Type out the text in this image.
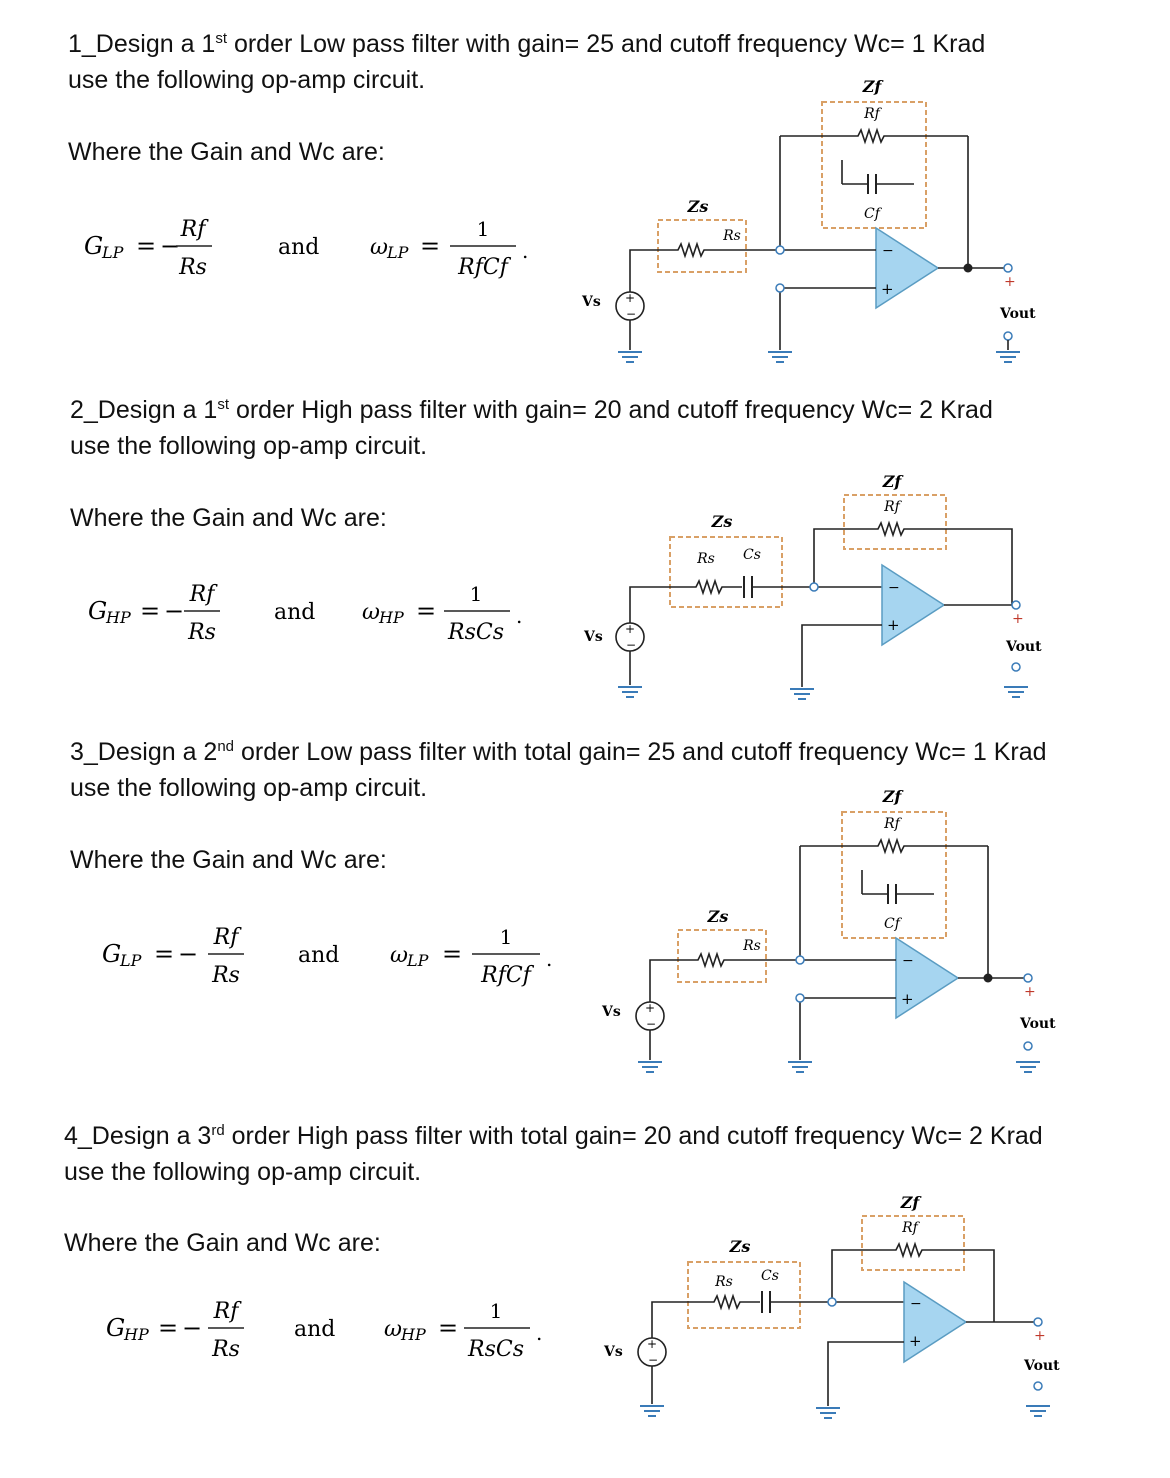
1_Design a 1st order Low pass filter with gain= 25 and cutoff frequency Wc= 1 Krad
use the following op-amp circuit.
Where the Gain and Wc are:
G
LP = −
Rf
Rs
and ω LP =
1
RfCf
.
Zf
Rf
Cf
Zs
Rs
−
+	+
Vout
+
−
Vs
2_Design a 1st order High pass filter with gain= 20 and cutoff frequency Wc= 2 Krad
use the following op-amp circuit.
Where the Gain and Wc are:
G
HP = −
Rf
Rs
and ω HP =
1
RsCs
.
Zf
Rf
Zs
Rs Cs
−
+	+
Vout
+
−
Vs
3_Design a 2nd order Low pass filter with total gain= 25 and cutoff frequency Wc= 1 Krad
use the following op-amp circuit.
Where the Gain and Wc are:
G
LP = −
Rf
Rs
and ω LP =
1
RfCf
.
Zf
Rf
Cf
Zs
Rs
−
+	+
Vout
+
−
Vs
4_Design a 3rd order High pass filter with total gain= 20 and cutoff frequency Wc= 2 Krad
use the following op-amp circuit.
Where the Gain and Wc are:
G
HP = −
Rf
Rs
and ω HP =
1
RsCs
.
Zf
Rf
Zs
Rs Cs
−
+	+
Vout
+
−
Vs
